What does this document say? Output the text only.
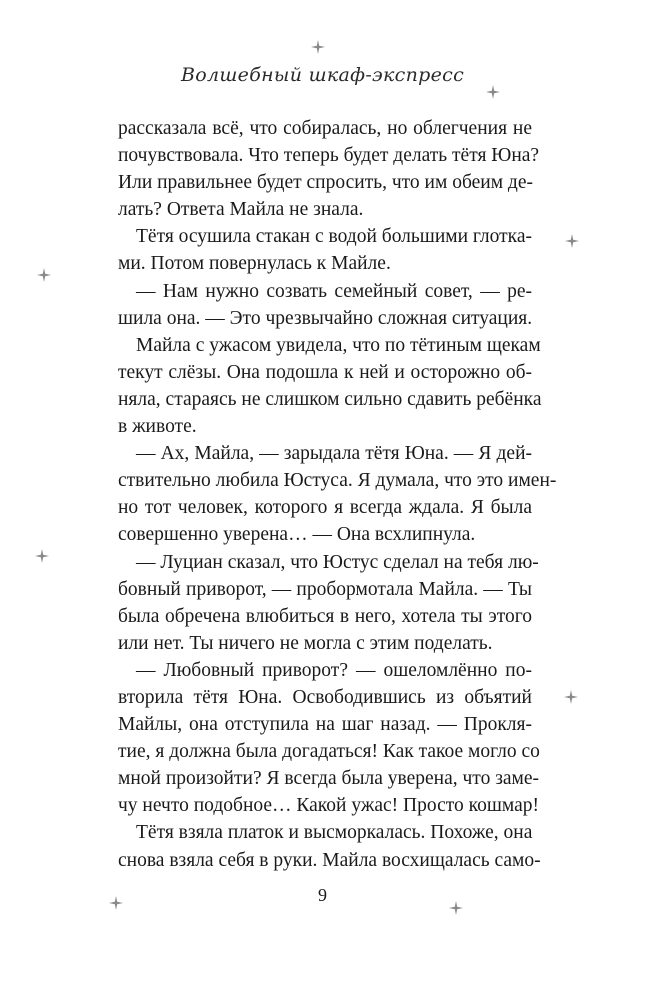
Волшебный шкаф-экспресс
рассказала всё, что собиралась, но облегчения не
почувствовала. Что теперь будет делать тётя Юна?
Или правильнее будет спросить, что им обеим де-
лать? Ответа Майла не знала.
Тётя осушила стакан с водой большими глотка-
ми. Потом повернулась к Майле.
— Нам нужно созвать семейный совет, — ре-
шила она. — Это чрезвычайно сложная ситуация.
Майла с ужасом увидела, что по тётиным щекам
текут слёзы. Она подошла к ней и осторожно об-
няла, стараясь не слишком сильно сдавить ребёнка
в животе.
— Ах, Майла, — зарыдала тётя Юна. — Я дей-
ствительно любила Юстуса. Я думала, что это имен-
но тот человек, которого я всегда ждала. Я была
совершенно уверена… — Она всхлипнула.
— Луциан сказал, что Юстус сделал на тебя лю-
бовный приворот, — пробормотала Майла. — Ты
была обречена влюбиться в него, хотела ты этого
или нет. Ты ничего не могла с этим поделать.
— Любовный приворот? — ошеломлённо по-
вторила тётя Юна. Освободившись из объятий
Майлы, она отступила на шаг назад. — Прокля-
тие, я должна была догадаться! Как такое могло со
мной произойти? Я всегда была уверена, что заме-
чу нечто подобное… Какой ужас! Просто кошмар!
Тётя взяла платок и высморкалась. Похоже, она
снова взяла себя в руки. Майла восхищалась само-
9
